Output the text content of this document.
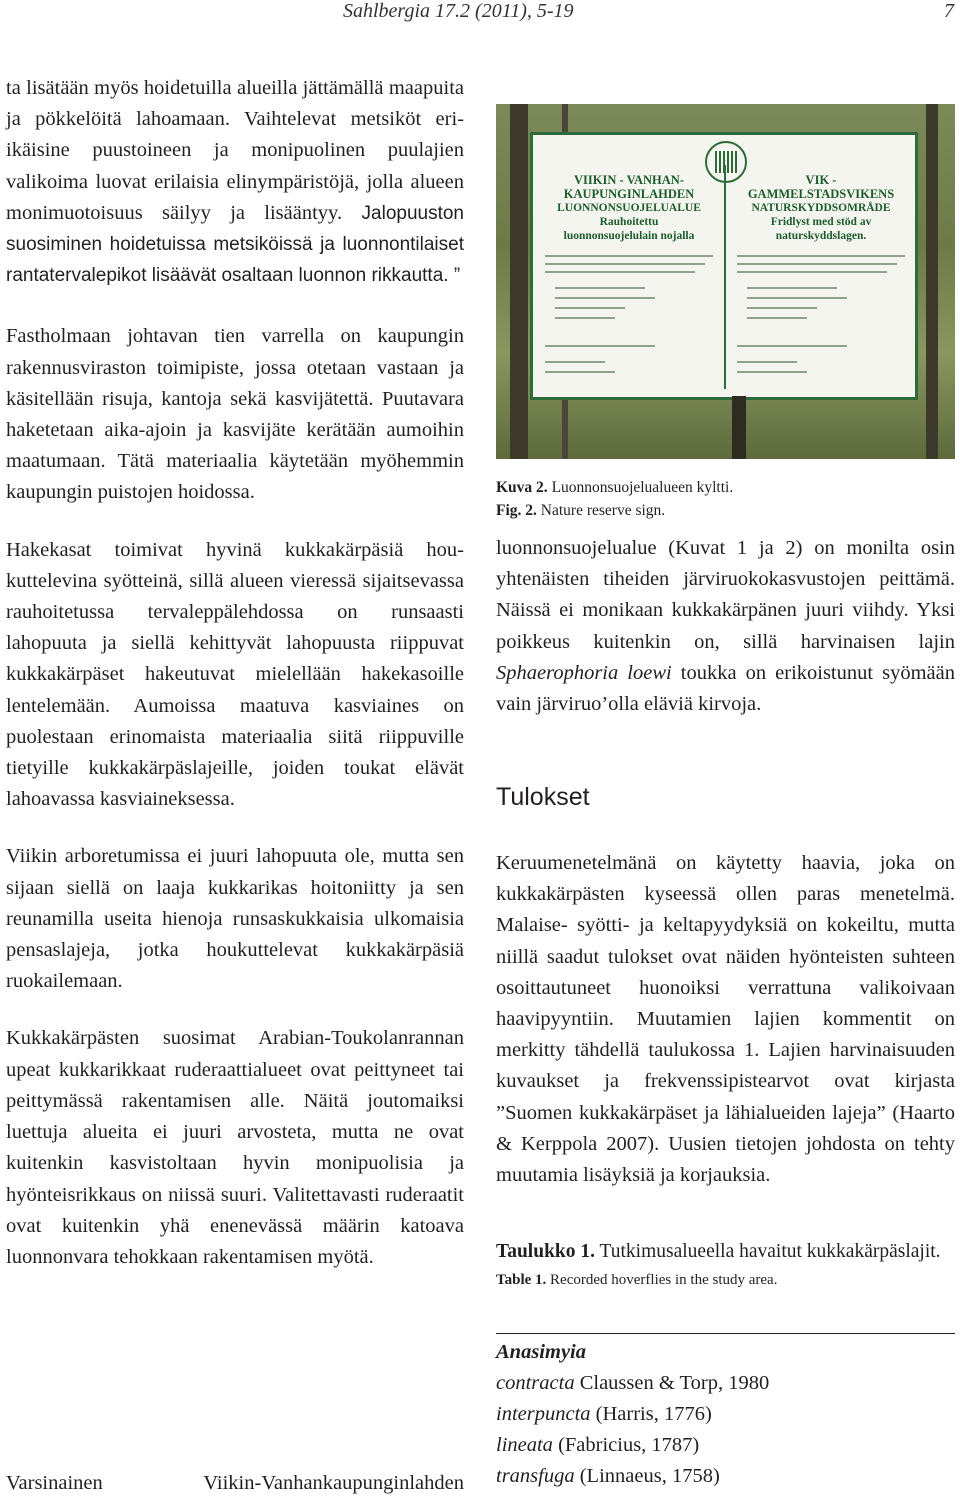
Sahlbergia 17.2 (2011), 5-19	7

ta lisätään myös hoidetuilla alueilla jättämällä maapuita ja pökkelöitä lahoamaan. Vaihtelevat metsiköt eri-ikäisine puustoineen ja monipuolinen puulajien valikoima luovat erilaisia elinympäristöjä, jolla alueen monimuotoisuus säilyy ja lisääntyy. Jalopuuston suosiminen hoidetuissa metsiköissä ja luonnontilaiset rantatervalepikot lisäävät osaltaan luonnon rikkautta. ”

Fastholmaan johtavan tien varrella on kaupungin rakennusviraston toimipiste, jossa otetaan vastaan ja käsitellään risuja, kantoja sekä kasvijätettä. Puutavara haketetaan aika-ajoin ja kasvijäte kerätään aumoihin maatumaan. Tätä materiaalia käytetään myöhemmin kaupungin puistojen hoidossa.

Hakekasat toimivat hyvinä kukkakärpäsiä houkuttelevina syötteinä, sillä alueen vieressä sijaitsevassa rauhoitetussa tervaleppälehdossa on runsaasti lahopuuta ja siellä kehittyvät lahopuusta riippuvat kukkakärpäset hakeutuvat mielellään hakekasoille lentelemään. Aumoissa maatuva kasviaines on puolestaan erinomaista materiaalia siitä riippuville tietyille kukkakärpäslajeille, joiden toukat elävät lahoavassa kasviaineksessa.

Viikin arboretumissa ei juuri lahopuuta ole, mutta sen sijaan siellä on laaja kukkarikas hoitoniitty ja sen reunamilla useita hienoja runsaskukkaisia ulkomaisia pensaslajeja, jotka houkuttelevat kukkakärpäsiä ruokailemaan.

Kukkakärpästen suosimat Arabian-Toukolanrannan upeat kukkarikkaat ruderaattialueet ovat peittyneet tai peittymässä rakentamisen alle. Näitä joutomaiksi luettuja alueita ei juuri arvosteta, mutta ne ovat kuitenkin kasvistoltaan hyvin monipuolisia ja hyönteisrikkaus on niissä suuri. Valitettavasti ruderaatit ovat kuitenkin yhä enenevässä määrin katoava luonnonvara tehokkaan rakentamisen myötä.

Varsinainen	Viikin-Vanhankaupunginlahden
VIIKIN - VANHAN-
KAUPUNGINLAHDEN
LUONNONSUOJELUALUE
Rauhoitettu
luonnonsuojelulain nojalla
VIK -
GAMMELSTADSVIKENS
NATURSKYDDSOMRÅDE
Fridlyst med stöd av
naturskyddslagen.
Kuva 2. Luonnonsuojelualueen kyltti.
Fig. 2. Nature reserve sign.

luonnonsuojelualue (Kuvat 1 ja 2) on monilta osin yhtenäisten tiheiden järviruokokasvustojen peittämä. Näissä ei monikaan kukkakärpänen juuri viihdy. Yksi poikkeus kuitenkin on, sillä harvinaisen lajin Sphaerophoria loewi toukka on erikoistunut syömään vain järviruo’olla eläviä kirvoja.

Tulokset

Keruumenetelmänä on käytetty haavia, joka on kukkakärpästen kyseessä ollen paras menetelmä. Malaise- syötti- ja keltapyydyksiä on kokeiltu, mutta niillä saadut tulokset ovat näiden hyönteisten suhteen osoittautuneet huonoiksi verrattuna valikoivaan haavipyyntiin. Muutamien lajien kommentit on merkitty tähdellä taulukossa 1. Lajien harvinaisuuden kuvaukset ja frekvenssipistearvot ovat kirjasta ”Suomen kukkakärpäset ja lähialueiden lajeja” (Haarto & Kerppola 2007). Uusien tietojen johdosta on tehty muutamia lisäyksiä ja korjauksia.

Taulukko 1. Tutkimusalueella havaitut kukkakärpäslajit.
Table 1. Recorded hoverflies in the study area.
Anasimyia
contracta Claussen & Torp, 1980
interpuncta (Harris, 1776)
lineata (Fabricius, 1787)
transfuga (Linnaeus, 1758)
